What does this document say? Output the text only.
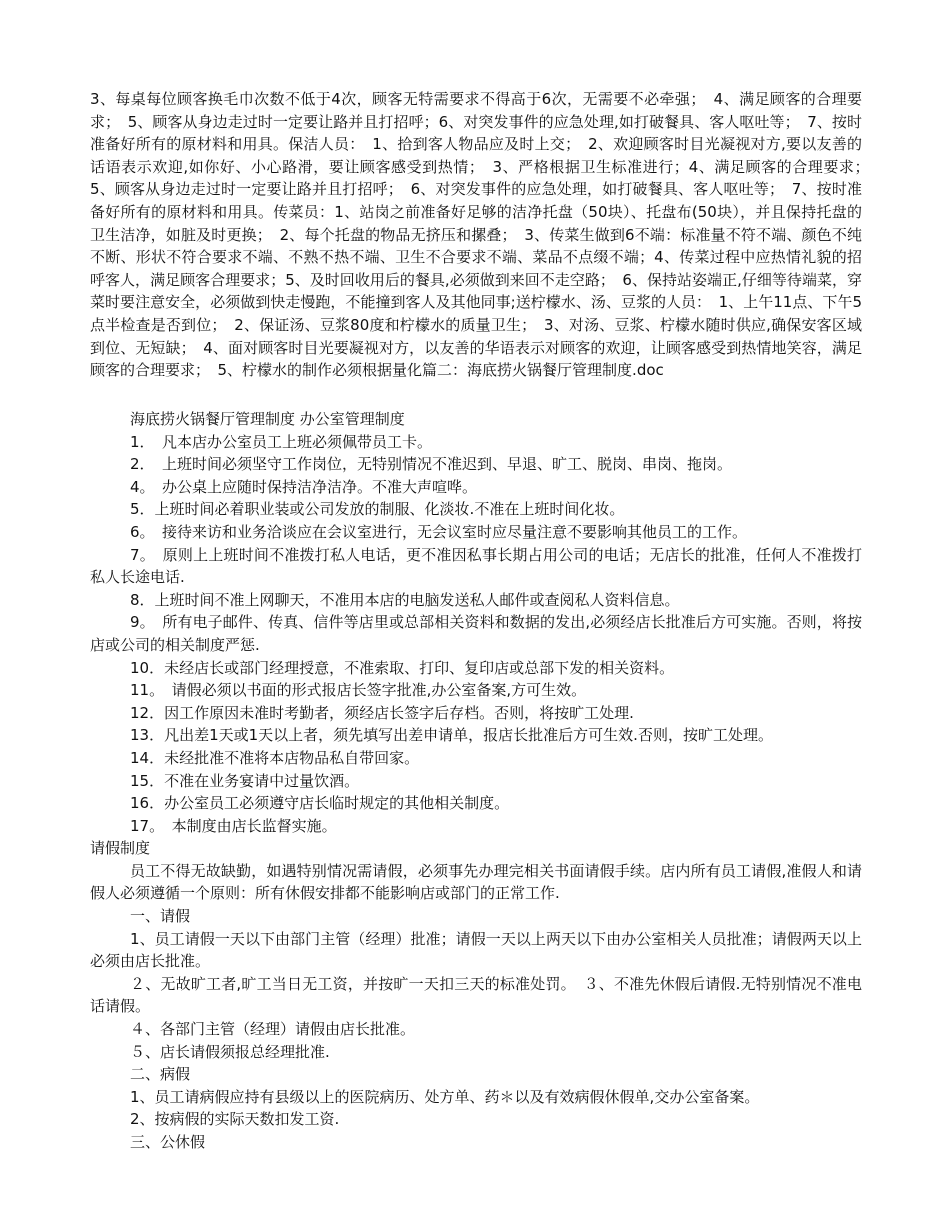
3、每桌每位顾客换毛巾次数不低于4次，顾客无特需要求不得高于6次，无需要不必牵强；　4、满足顾客的合理要求；　5、顾客从身边走过时一定要让路并且打招呼；6、对突发事件的应急处理,如打破餐具、客人呕吐等；　7、按时准备好所有的原材料和用具。保洁人员：　1、拾到客人物品应及时上交；　2、欢迎顾客时目光凝视对方,要以友善的话语表示欢迎,如你好、小心路滑，要让顾客感受到热情；　3、严格根据卫生标准进行；4、满足顾客的合理要求；　5、顾客从身边走过时一定要让路并且打招呼；　6、对突发事件的应急处理，如打破餐具、客人呕吐等；　7、按时准备好所有的原材料和用具。传菜员：1、站岗之前准备好足够的洁净托盘（50块）、托盘布(50块），并且保持托盘的卫生洁净，如脏及时更换；　2、每个托盘的物品无挤压和摞叠；　3、传菜生做到6不端：标准量不符不端、颜色不纯不断、形状不符合要求不端、不熟不热不端、卫生不合要求不端、菜品不点缀不端；4、传菜过程中应热情礼貌的招呼客人，满足顾客合理要求；5、及时回收用后的餐具,必须做到来回不走空路；　6、保持站姿端正,仔细等待端菜，穿菜时要注意安全，必须做到快走慢跑，不能撞到客人及其他同事;送柠檬水、汤、豆浆的人员：　1、上午11点、下午5点半检查是否到位；　2、保证汤、豆浆80度和柠檬水的质量卫生；　3、对汤、豆浆、柠檬水随时供应,确保安客区域到位、无短缺；　4、面对顾客时目光要凝视对方，以友善的华语表示对顾客的欢迎，让顾客感受到热情地笑容，满足顾客的合理要求；　5、柠檬水的制作必须根据量化篇二：海底捞火锅餐厅管理制度.doc

海底捞火锅餐厅管理制度 办公室管理制度

1．　凡本店办公室员工上班必须佩带员工卡。

2．　上班时间必须坚守工作岗位，无特别情况不准迟到、早退、旷工、脱岗、串岗、拖岗。

4。　办公桌上应随时保持洁净洁净。不准大声喧哗。

5．上班时间必着职业装或公司发放的制服、化淡妆.不准在上班时间化妆。

6。　接待来访和业务洽谈应在会议室进行，无会议室时应尽量注意不要影响其他员工的工作。

7。　原则上上班时间不准拨打私人电话，更不准因私事长期占用公司的电话；无店长的批准，任何人不准拨打私人长途电话.

8．上班时间不准上网聊天，不准用本店的电脑发送私人邮件或查阅私人资料信息。

9。　所有电子邮件、传真、信件等店里或总部相关资料和数据的发出,必须经店长批准后方可实施。否则，将按店或公司的相关制度严惩.

10．未经店长或部门经理授意，不准索取、打印、复印店或总部下发的相关资料。

11。　请假必须以书面的形式报店长签字批准,办公室备案,方可生效。

12．因工作原因未准时考勤者，须经店长签字后存档。否则，将按旷工处理.

13．凡出差1天或1天以上者，须先填写出差申请单，报店长批准后方可生效.否则，按旷工处理。

14．未经批准不准将本店物品私自带回家。

15．不准在业务宴请中过量饮酒。

16．办公室员工必须遵守店长临时规定的其他相关制度。

17。　本制度由店长监督实施。

请假制度

员工不得无故缺勤，如遇特别情况需请假，必须事先办理完相关书面请假手续。店内所有员工请假,准假人和请假人必须遵循一个原则：所有休假安排都不能影响店或部门的正常工作.

一、请假

1、员工请假一天以下由部门主管（经理）批准；请假一天以上两天以下由办公室相关人员批准；请假两天以上必须由店长批准。

２、无故旷工者,旷工当日无工资，并按旷一天扣三天的标准处罚。　３、不准先休假后请假.无特别情况不准电话请假。

４、各部门主管（经理）请假由店长批准。

５、店长请假须报总经理批准.

二、病假

1、员工请病假应持有县级以上的医院病历、处方单、药＊以及有效病假休假单,交办公室备案。

2、按病假的实际天数扣发工资.

三、公休假
